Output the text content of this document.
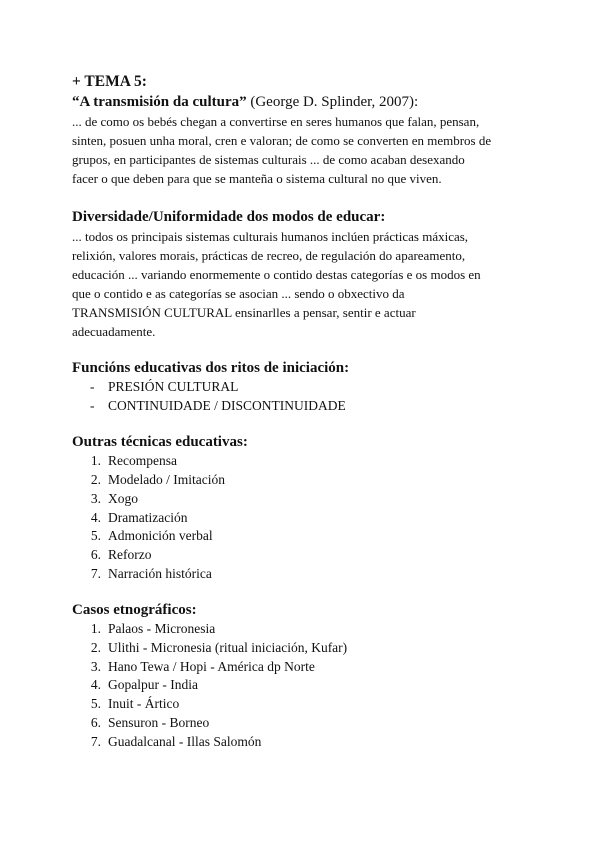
+ TEMA 5:

“A transmisión da cultura” (George D. Splinder, 2007):

... de como os bebés chegan a convertirse en seres humanos que falan, pensan,

sinten, posuen unha moral, cren e valoran; de como se converten en membros de

grupos, en participantes de sistemas culturais ... de como acaban desexando

facer o que deben para que se manteña o sistema cultural no que viven.

Diversidade/Uniformidade dos modos de educar:

... todos os principais sistemas culturais humanos inclúen prácticas máxicas,

relixión, valores morais, prácticas de recreo, de regulación do apareamento,

educación ... variando enormemente o contido destas categorías e os modos en

que o contido e as categorías se asocian ... sendo o obxectivo da

TRANSMISIÓN CULTURAL ensinarlles a pensar, sentir e actuar

adecuadamente.

Funcións educativas dos ritos de iniciación:

- PRESIÓN CULTURAL
- CONTINUIDADE / DISCONTINUIDADE

Outras técnicas educativas:

1. Recompensa
2. Modelado / Imitación
3. Xogo
4. Dramatización
5. Admonición verbal
6. Reforzo
7. Narración histórica

Casos etnográficos:

1. Palaos - Micronesia
2. Ulithi - Micronesia (ritual iniciación, Kufar)
3. Hano Tewa / Hopi - América dp Norte
4. Gopalpur - India
5. Inuit - Ártico
6. Sensuron - Borneo
7. Guadalcanal - Illas Salomón
